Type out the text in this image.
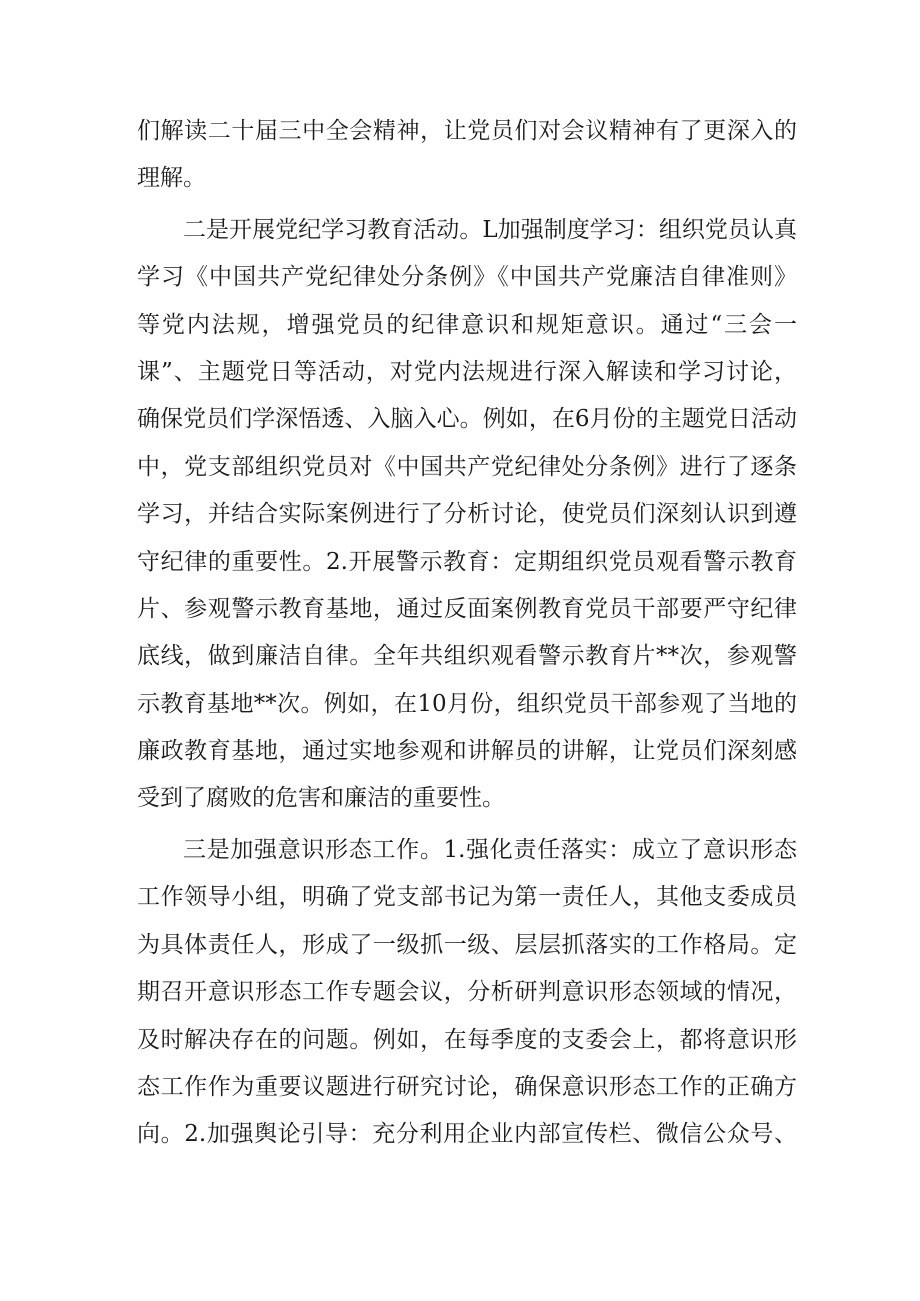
们解读二十届三中全会精神，让党员们对会议精神有了更深入的
理解。
二是开展党纪学习教育活动。L加强制度学习：组织党员认真
学习《中国共产党纪律处分条例》《中国共产党廉洁自律准则》
等党内法规，增强党员的纪律意识和规矩意识。通过“三会一
课”、主题党日等活动，对党内法规进行深入解读和学习讨论，
确保党员们学深悟透、入脑入心。例如，在6月份的主题党日活动
中，党支部组织党员对《中国共产党纪律处分条例》进行了逐条
学习，并结合实际案例进行了分析讨论，使党员们深刻认识到遵
守纪律的重要性。2.开展警示教育：定期组织党员观看警示教育
片、参观警示教育基地，通过反面案例教育党员干部要严守纪律
底线，做到廉洁自律。全年共组织观看警示教育片**次，参观警
示教育基地**次。例如，在10月份，组织党员干部参观了当地的
廉政教育基地，通过实地参观和讲解员的讲解，让党员们深刻感
受到了腐败的危害和廉洁的重要性。
三是加强意识形态工作。1.强化责任落实：成立了意识形态
工作领导小组，明确了党支部书记为第一责任人，其他支委成员
为具体责任人，形成了一级抓一级、层层抓落实的工作格局。定
期召开意识形态工作专题会议，分析研判意识形态领域的情况，
及时解决存在的问题。例如，在每季度的支委会上，都将意识形
态工作作为重要议题进行研究讨论，确保意识形态工作的正确方
向。2.加强舆论引导：充分利用企业内部宣传栏、微信公众号、
